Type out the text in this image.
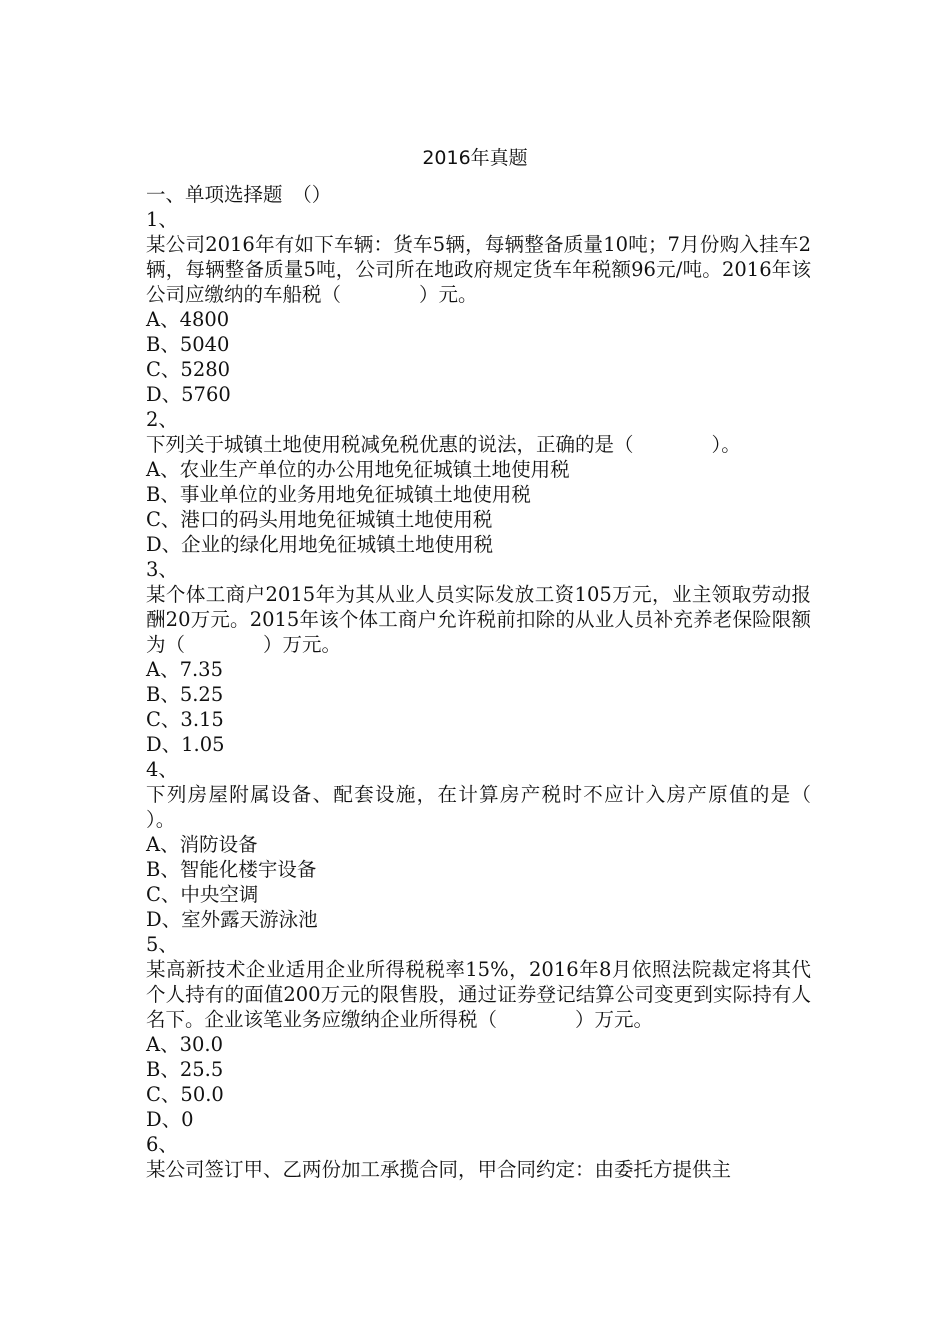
2016年真题
一、单项选择题　（）
1、
某公司2016年有如下车辆：货车5辆，每辆整备质量10吨；7月份购入挂车2辆，每辆整备质量5吨，公司所在地政府规定货车年税额96元/吨。2016年该公司应缴纳的车船税（　　　　）元。
A、4800
B、5040
C、5280
D、5760
2、
下列关于城镇土地使用税减免税优惠的说法，正确的是（　　　　）。
A、农业生产单位的办公用地免征城镇土地使用税
B、事业单位的业务用地免征城镇土地使用税
C、港口的码头用地免征城镇土地使用税
D、企业的绿化用地免征城镇土地使用税
3、
某个体工商户2015年为其从业人员实际发放工资105万元，业主领取劳动报酬20万元。2015年该个体工商户允许税前扣除的从业人员补充养老保险限额为（　　　　）万元。
A、7.35
B、5.25
C、3.15
D、1.05
4、
下列房屋附属设备、配套设施，在计算房产税时不应计入房产原值的是（　　　　）。
A、消防设备
B、智能化楼宇设备
C、中央空调
D、室外露天游泳池
5、
某高新技术企业适用企业所得税税率15%，2016年8月依照法院裁定将其代个人持有的面值200万元的限售股，通过证券登记结算公司变更到实际持有人名下。企业该笔业务应缴纳企业所得税（　　　　）万元。
A、30.0
B、25.5
C、50.0
D、0
6、
某公司签订甲、乙两份加工承揽合同，甲合同约定：由委托方提供主
